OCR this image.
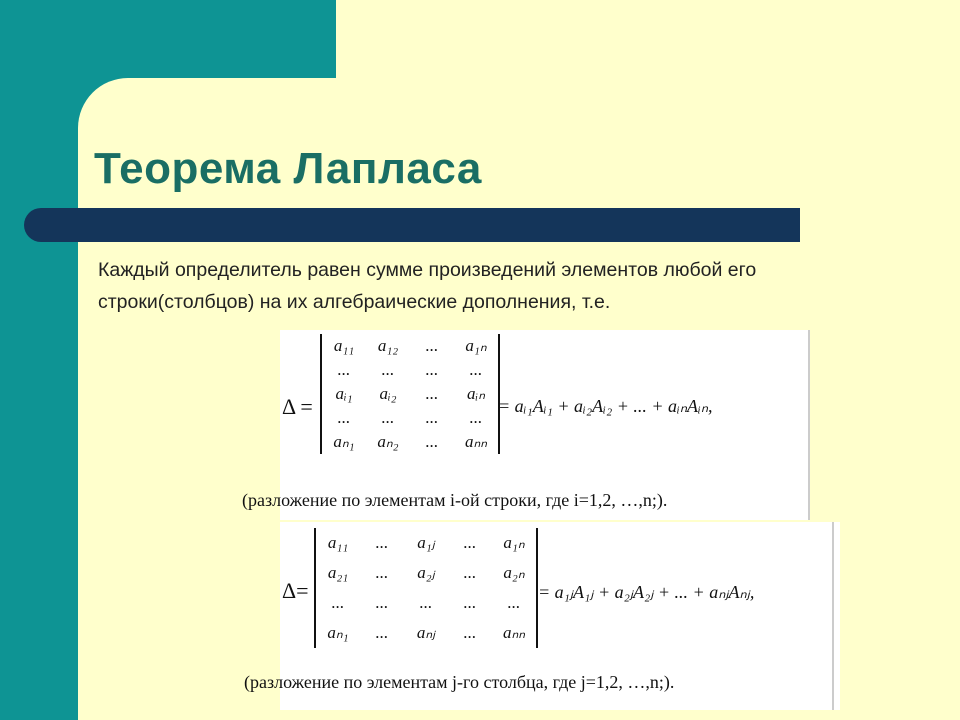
Теорема Лапласа
Каждый определитель равен сумме произведений элементов любой его строки(столбцов) на их алгебраические дополнения, т.е.
Δ =
a₁₁	a₁₂	...	a₁ₙ
...	...	...	...
aᵢ₁	aᵢ₂	...	aᵢₙ
...	...	...	...
aₙ₁	aₙ₂	...	aₙₙ
= aᵢ₁Aᵢ₁ + aᵢ₂Aᵢ₂ + ... + aᵢₙAᵢₙ,
(разложение по элементам i-ой строки, где i=1,2, …,n;).
Δ=
a₁₁	...	a₁ⱼ	...	a₁ₙ
a₂₁	...	a₂ⱼ	...	a₂ₙ
...	...	...	...	...
aₙ₁	...	aₙⱼ	...	aₙₙ
= a₁ⱼA₁ⱼ + a₂ⱼA₂ⱼ + ... + aₙⱼAₙⱼ,
(разложение по элементам j-го столбца, где j=1,2, …,n;).
